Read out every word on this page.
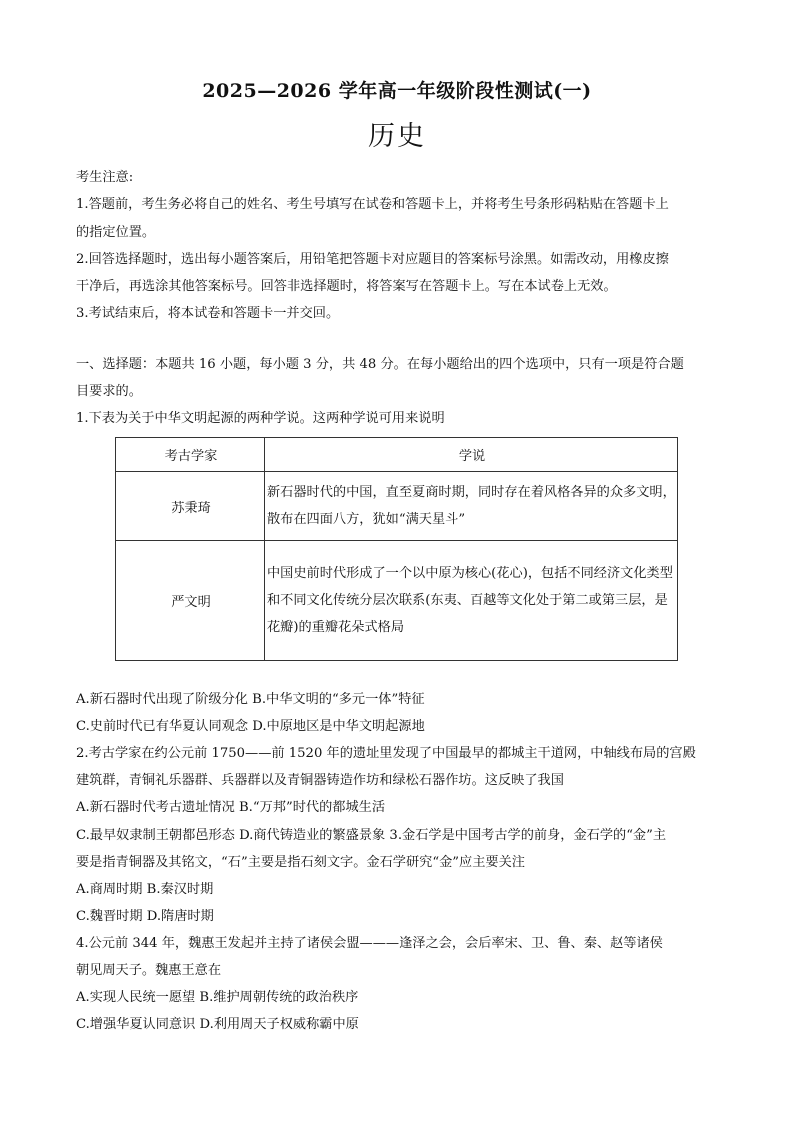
2025—2026 学年高一年级阶段性测试(一)
历史
考生注意:
1.答题前，考生务必将自己的姓名、考生号填写在试卷和答题卡上，并将考生号条形码粘贴在答题卡上
的指定位置。
2.回答选择题时，选出每小题答案后，用铅笔把答题卡对应题目的答案标号涂黑。如需改动，用橡皮擦
干净后，再选涂其他答案标号。回答非选择题时，将答案写在答题卡上。写在本试卷上无效。
3.考试结束后，将本试卷和答题卡一并交回。
一、选择题：本题共 16 小题，每小题 3 分，共 48 分。在每小题给出的四个选项中，只有一项是符合题
目要求的。
1.下表为关于中华文明起源的两种学说。这两种学说可用来说明
考古学家	学说
苏秉琦	新石器时代的中国，直至夏商时期，同时存在着风格各异的众多文明，散布在四面八方，犹如“满天星斗”
严文明	中国史前时代形成了一个以中原为核心(花心)，包括不同经济文化类型和不同文化传统分层次联系(东夷、百越等文化处于第二或第三层，是花瓣)的重瓣花朵式格局
A.新石器时代出现了阶级分化 B.中华文明的“多元一体”特征
C.史前时代已有华夏认同观念 D.中原地区是中华文明起源地
2.考古学家在约公元前 1750——前 1520 年的遗址里发现了中国最早的都城主干道网，中轴线布局的宫殿
建筑群，青铜礼乐器群、兵器群以及青铜器铸造作坊和绿松石器作坊。这反映了我国
A.新石器时代考古遗址情况 B.“万邦”时代的都城生活
C.最早奴隶制王朝都邑形态 D.商代铸造业的繁盛景象 3.金石学是中国考古学的前身，金石学的“金”主
要是指青铜器及其铭文，“石”主要是指石刻文字。金石学研究“金”应主要关注
A.商周时期 B.秦汉时期
C.魏晋时期 D.隋唐时期
4.公元前 344 年，魏惠王发起并主持了诸侯会盟———逢泽之会，会后率宋、卫、鲁、秦、赵等诸侯
朝见周天子。魏惠王意在
A.实现人民统一愿望 B.维护周朝传统的政治秩序
C.增强华夏认同意识 D.利用周天子权威称霸中原
